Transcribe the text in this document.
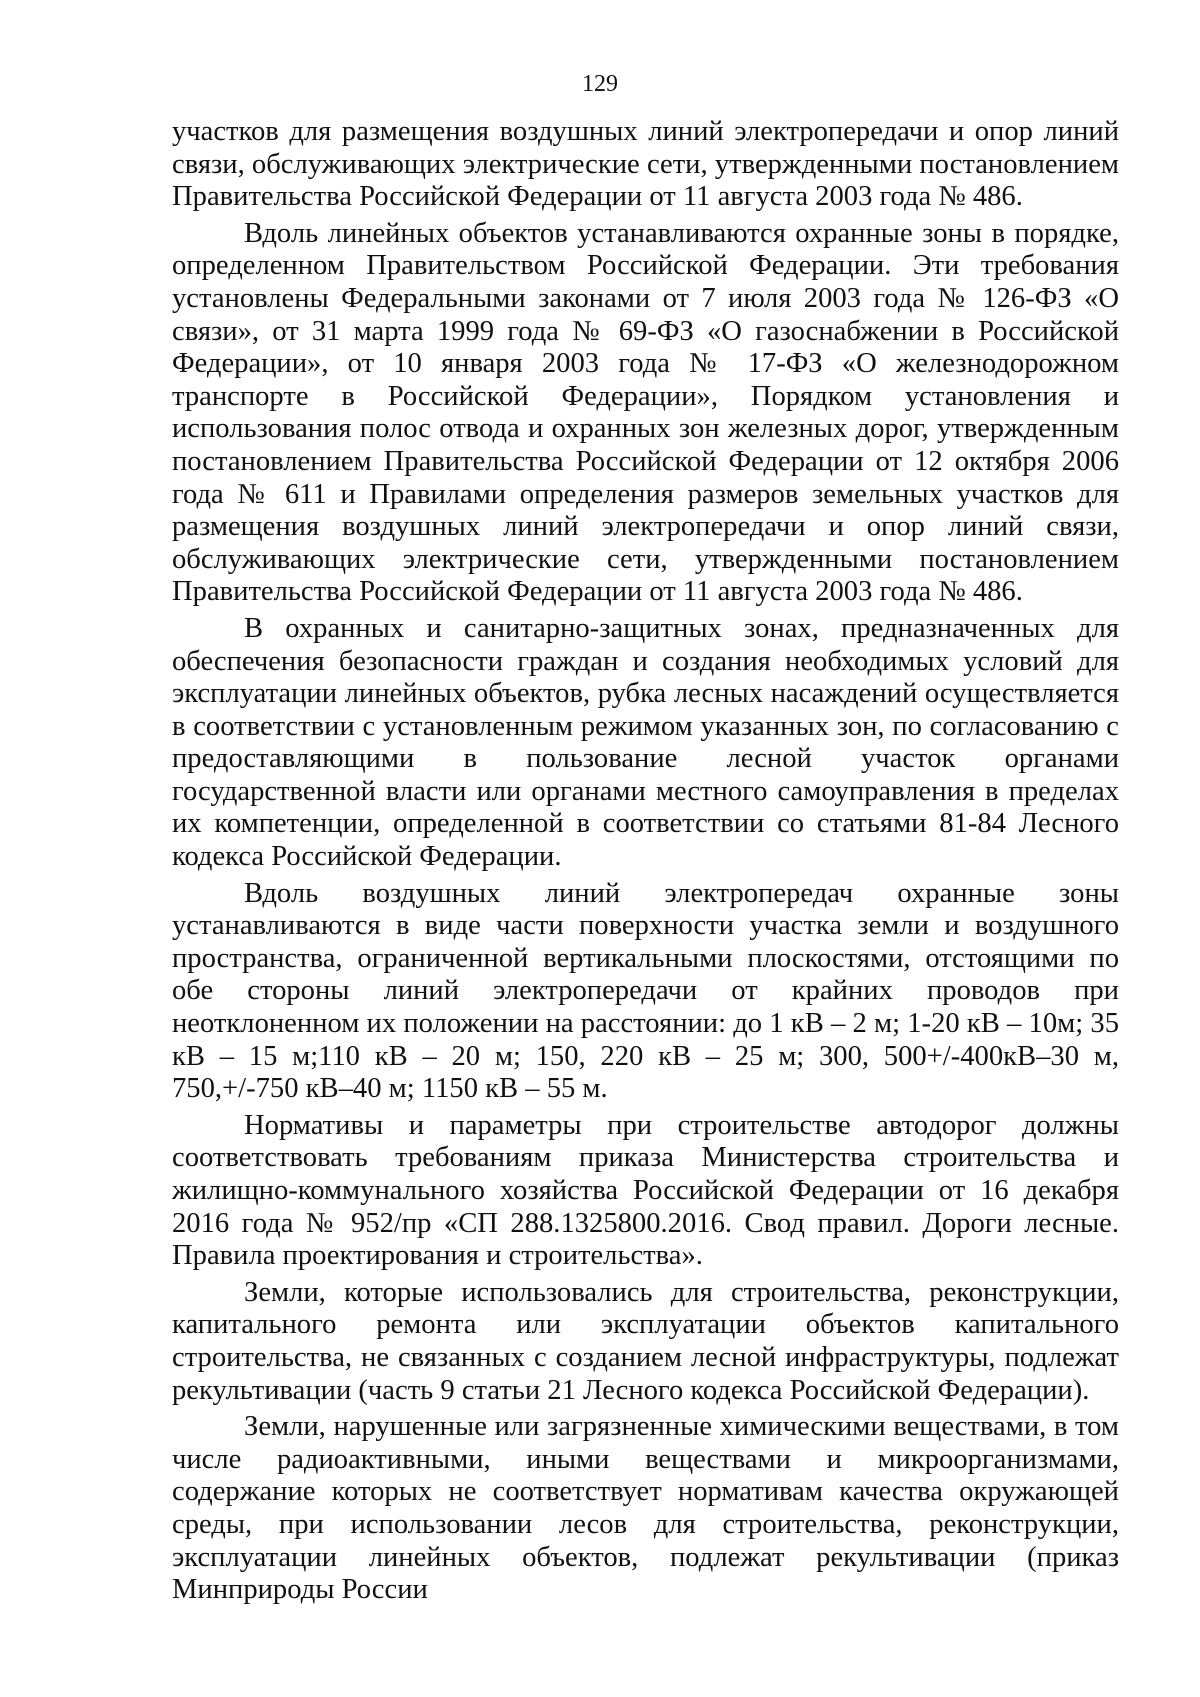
129

участков для размещения воздушных линий электропередачи и опор линий связи, обслуживающих электрические сети, утвержденными постановлением Правительства Российской Федерации от 11 августа 2003 года № 486.

Вдоль линейных объектов устанавливаются охранные зоны в порядке, определенном Правительством Российской Федерации. Эти требования установлены Федеральными законами от 7 июля 2003 года № 126-ФЗ «О связи», от 31 марта 1999 года № 69-ФЗ «О газоснабжении в Российской Федерации», от 10 января 2003 года № 17-ФЗ «О железнодорожном транспорте в Российской Федерации», Порядком установления и использования полос отвода и охранных зон железных дорог, утвержденным постановлением Правительства Российской Федерации от 12 октября 2006 года № 611 и Правилами определения размеров земельных участков для размещения воздушных линий электропередачи и опор линий связи, обслуживающих электрические сети, утвержденными постановлением Правительства Российской Федерации от 11 августа 2003 года № 486.

В охранных и санитарно-защитных зонах, предназначенных для обеспечения безопасности граждан и создания необходимых условий для эксплуатации линейных объектов, рубка лесных насаждений осуществляется в соответствии с установленным режимом указанных зон, по согласованию с предоставляющими в пользование лесной участок органами государственной власти или органами местного самоуправления в пределах их компетенции, определенной в соответствии со статьями 81-84 Лесного кодекса Российской Федерации.

Вдоль воздушных линий электропередач охранные зоны устанавливаются в виде части поверхности участка земли и воздушного пространства, ограниченной вертикальными плоскостями, отстоящими по обе стороны линий электропередачи от крайних проводов при неотклоненном их положении на расстоянии: до 1 кВ – 2 м; 1-20 кВ – 10м; 35 кВ – 15 м;110 кВ – 20 м; 150, 220 кВ – 25 м; 300, 500+/-400кВ–30 м, 750,+/-750 кВ–40 м; 1150 кВ – 55 м.

Нормативы и параметры при строительстве автодорог должны соответствовать требованиям приказа Министерства строительства и жилищно-коммунального хозяйства Российской Федерации от 16 декабря 2016 года № 952/пр «СП 288.1325800.2016. Свод правил. Дороги лесные. Правила проектирования и строительства».

Земли, которые использовались для строительства, реконструкции, капитального ремонта или эксплуатации объектов капитального строительства, не связанных с созданием лесной инфраструктуры, подлежат рекультивации (часть 9 статьи 21 Лесного кодекса Российской Федерации).

Земли, нарушенные или загрязненные химическими веществами, в том числе радиоактивными, иными веществами и микроорганизмами, содержание которых не соответствует нормативам качества окружающей среды, при использовании лесов для строительства, реконструкции, эксплуатации линейных объектов, подлежат рекультивации (приказ Минприроды России
